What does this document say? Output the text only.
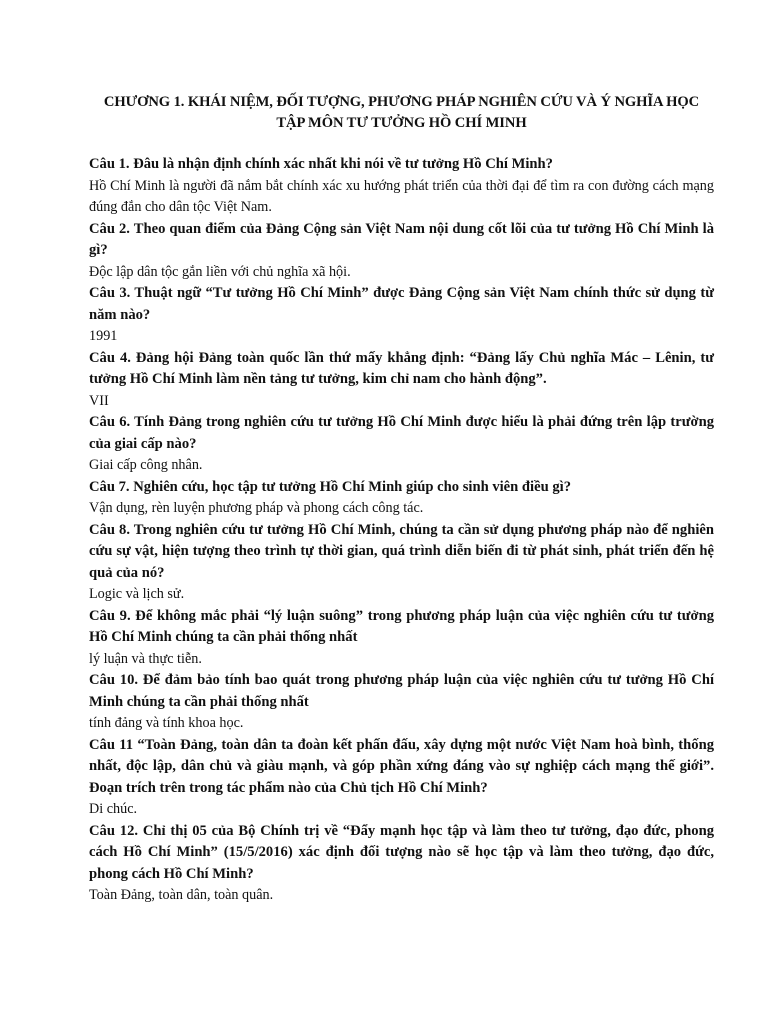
CHƯƠNG 1. KHÁI NIỆM, ĐỐI TƯỢNG, PHƯƠNG PHÁP NGHIÊN CỨU VÀ Ý NGHĨA HỌC
TẬP MÔN TƯ TƯỞNG HỒ CHÍ MINH

Câu 1. Đâu là nhận định chính xác nhất khi nói về tư tưởng Hồ Chí Minh?

Hồ Chí Minh là người đã nắm bắt chính xác xu hướng phát triển của thời đại để tìm ra con đường cách mạng đúng đắn cho dân tộc Việt Nam.

Câu 2. Theo quan điểm của Đảng Cộng sản Việt Nam nội dung cốt lõi của tư tưởng Hồ Chí Minh là gì?

Độc lập dân tộc gắn liền với chủ nghĩa xã hội.

Câu 3. Thuật ngữ “Tư tưởng Hồ Chí Minh” được Đảng Cộng sản Việt Nam chính thức sử dụng từ năm nào?

1991

Câu 4. Đảng hội Đảng toàn quốc lần thứ mấy khẳng định: “Đảng lấy Chủ nghĩa Mác – Lênin, tư tưởng Hồ Chí Minh làm nền tảng tư tưởng, kim chỉ nam cho hành động”.

VII

Câu 6. Tính Đảng trong nghiên cứu tư tưởng Hồ Chí Minh được hiểu là phải đứng trên lập trường của giai cấp nào?

Giai cấp công nhân.

Câu 7. Nghiên cứu, học tập tư tưởng Hồ Chí Minh giúp cho sinh viên điều gì?

Vận dụng, rèn luyện phương pháp và phong cách công tác.

Câu 8. Trong nghiên cứu tư tưởng Hồ Chí Minh, chúng ta cần sử dụng phương pháp nào để nghiên cứu sự vật, hiện tượng theo trình tự thời gian, quá trình diễn biến đi từ phát sinh, phát triển đến hệ quả của nó?

Logic và lịch sử.

Câu 9. Để không mắc phải “lý luận suông” trong phương pháp luận của việc nghiên cứu tư tưởng Hồ Chí Minh chúng ta cần phải thống nhất

lý luận và thực tiễn.

Câu 10. Để đảm bảo tính bao quát trong phương pháp luận của việc nghiên cứu tư tưởng Hồ Chí Minh chúng ta cần phải thống nhất

tính đảng và tính khoa học.

Câu 11 “Toàn Đảng, toàn dân ta đoàn kết phấn đấu, xây dựng một nước Việt Nam hoà bình, thống nhất, độc lập, dân chủ và giàu mạnh, và góp phần xứng đáng vào sự nghiệp cách mạng thế giới”. Đoạn trích trên trong tác phẩm nào của Chủ tịch Hồ Chí Minh?

Di chúc.

Câu 12. Chỉ thị 05 của Bộ Chính trị về “Đẩy mạnh học tập và làm theo tư tưởng, đạo đức, phong cách Hồ Chí Minh” (15/5/2016) xác định đối tượng nào sẽ học tập và làm theo tưởng, đạo đức, phong cách Hồ Chí Minh?

Toàn Đảng, toàn dân, toàn quân.
